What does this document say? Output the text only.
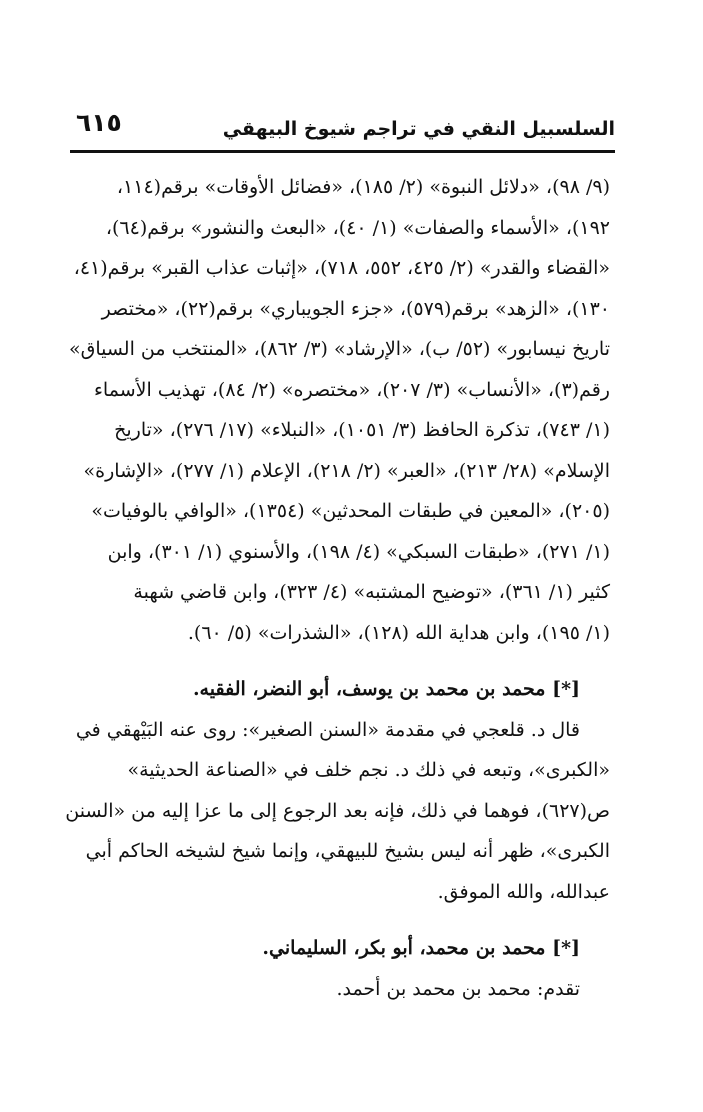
٦١٥	السلسبيل النقي في تراجم شيوخ البيهقي
(٩/ ٩٨)، «دلائل النبوة» (٢/ ١٨٥)، «فضائل الأوقات» برقم(١١٤،
١٩٢)، «الأسماء والصفات» (١/ ٤٠)، «البعث والنشور» برقم(٦٤)،
«القضاء والقدر» (٢/ ٤٢٥، ٥٥٢، ٧١٨)، «إثبات عذاب القبر» برقم(٤١،
١٣٠)، «الزهد» برقم(٥٧٩)، «جزء الجويباري» برقم(٢٢)، «مختصر
تاريخ نيسابور» (٥٢/ ب)، «الإرشاد» (٣/ ٨٦٢)، «المنتخب من السياق»
رقم(٣)، «الأنساب» (٣/ ٢٠٧)، «مختصره» (٢/ ٨٤)، تهذيب الأسماء
(١/ ٧٤٣)، تذكرة الحافظ (٣/ ١٠٥١)، «النبلاء» (١٧/ ٢٧٦)، «تاريخ
الإسلام» (٢٨/ ٢١٣)، «العبر» (٢/ ٢١٨)، الإعلام (١/ ٢٧٧)، «الإشارة»
(٢٠٥)، «المعين في طبقات المحدثين» (١٣٥٤)، «الوافي بالوفيات»
(١/ ٢٧١)، «طبقات السبكي» (٤/ ١٩٨)، والأسنوي (١/ ٣٠١)، وابن
كثير (١/ ٣٦١)، «توضيح المشتبه» (٤/ ٣٢٣)، وابن قاضي شهبة
(١/ ١٩٥)، وابن هداية الله (١٢٨)، «الشذرات» (٥/ ٦٠).
[*] محمد بن محمد بن يوسف، أبو النضر، الفقيه.
قال د. قلعجي في مقدمة «السنن الصغير»: روى عنه البَيْهقي في
«الكبرى»، وتبعه في ذلك د. نجم خلف في «الصناعة الحديثية»
ص(٦٢٧)، فوهما في ذلك، فإنه بعد الرجوع إلى ما عزا إليه من «السنن
الكبرى»، ظهر أنه ليس بشيخ للبيهقي، وإنما شيخ لشيخه الحاكم أبي
عبدالله، والله الموفق.
[*] محمد بن محمد، أبو بكر، السليماني.
تقدم: محمد بن محمد بن أحمد.
